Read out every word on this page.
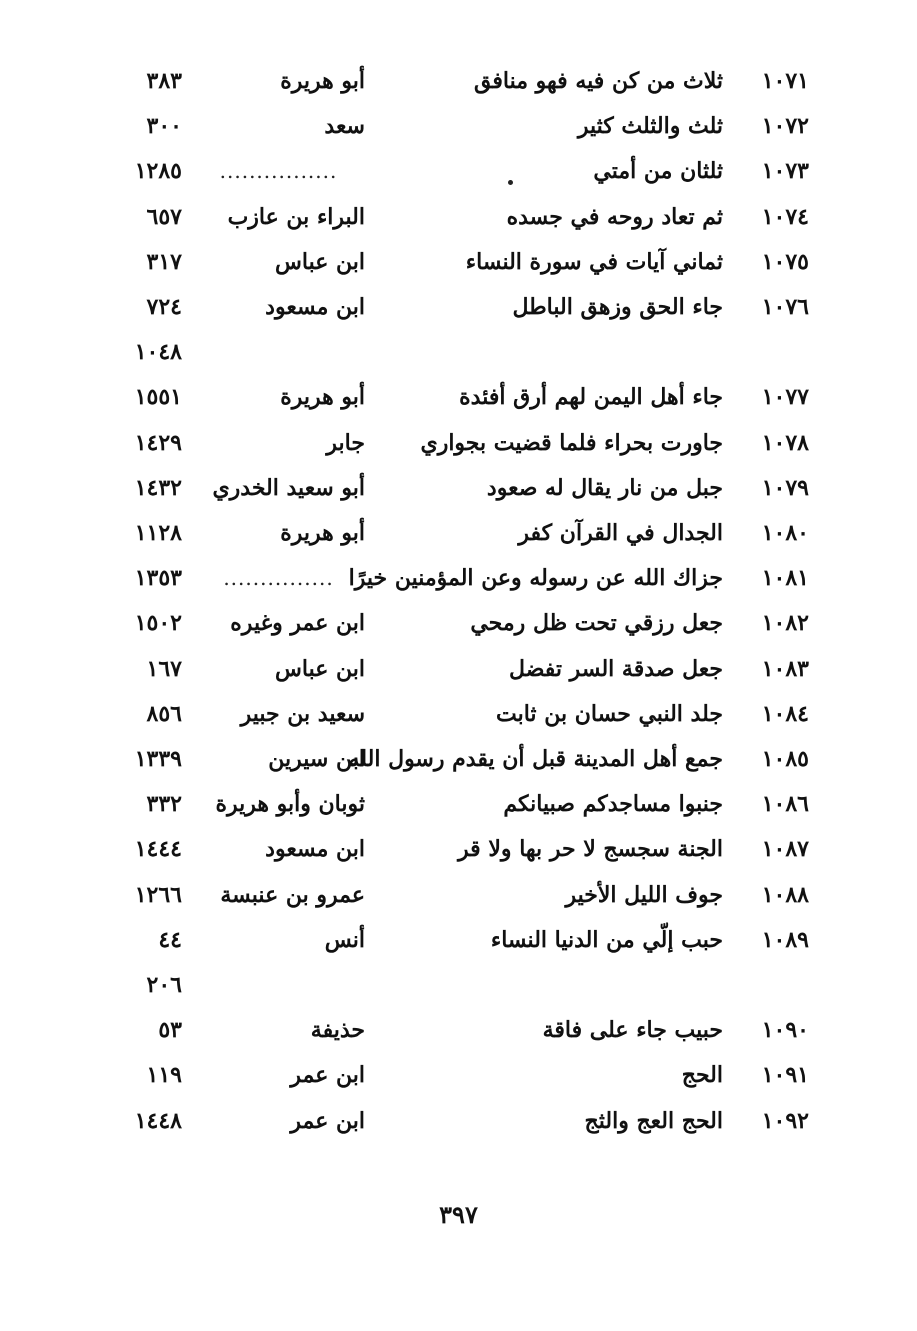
١٠٧١
ثلاث من كن فيه فهو منافق
أبو هريرة
٣٨٣
١٠٧٢
ثلث والثلث كثير
سعد
٣٠٠
١٠٧٣
ثلثان من أمتي
................
١٢٨٥
١٠٧٤
ثم تعاد روحه في جسده
البراء بن عازب
٦٥٧
١٠٧٥
ثماني آيات في سورة النساء
ابن عباس
٣١٧
١٠٧٦
جاء الحق وزهق الباطل
ابن مسعود
٧٢٤
١٠٤٨
١٠٧٧
جاء أهل اليمن لهم أرق أفئدة
أبو هريرة
١٥٥١
١٠٧٨
جاورت بحراء فلما قضيت بجواري
جابر
١٤٢٩
١٠٧٩
جبل من نار يقال له صعود
أبو سعيد الخدري
١٤٣٢
١٠٨٠
الجدال في القرآن كفر
أبو هريرة
١١٢٨
١٠٨١
جزاك الله عن رسوله وعن المؤمنين خيرًا
...............
١٣٥٣
١٠٨٢
جعل رزقي تحت ظل رمحي
ابن عمر وغيره
١٥٠٢
١٠٨٣
جعل صدقة السر تفضل
ابن عباس
١٦٧
١٠٨٤
جلد النبي حسان بن ثابت
سعيد بن جبير
٨٥٦
١٠٨٥
جمع أهل المدينة قبل أن يقدم رسول الله
ابن سيرين
١٣٣٩
١٠٨٦
جنبوا مساجدكم صبيانكم
ثوبان وأبو هريرة
٣٣٢
١٠٨٧
الجنة سجسج لا حر بها ولا قر
ابن مسعود
١٤٤٤
١٠٨٨
جوف الليل الأخير
عمرو بن عنبسة
١٢٦٦
١٠٨٩
حبب إلّي من الدنيا النساء
أنس
٤٤
٢٠٦
١٠٩٠
حبيب جاء على فاقة
حذيفة
٥٣
١٠٩١
الحج
ابن عمر
١١٩
١٠٩٢
الحج العج والثج
ابن عمر
١٤٤٨
٣٩٧
